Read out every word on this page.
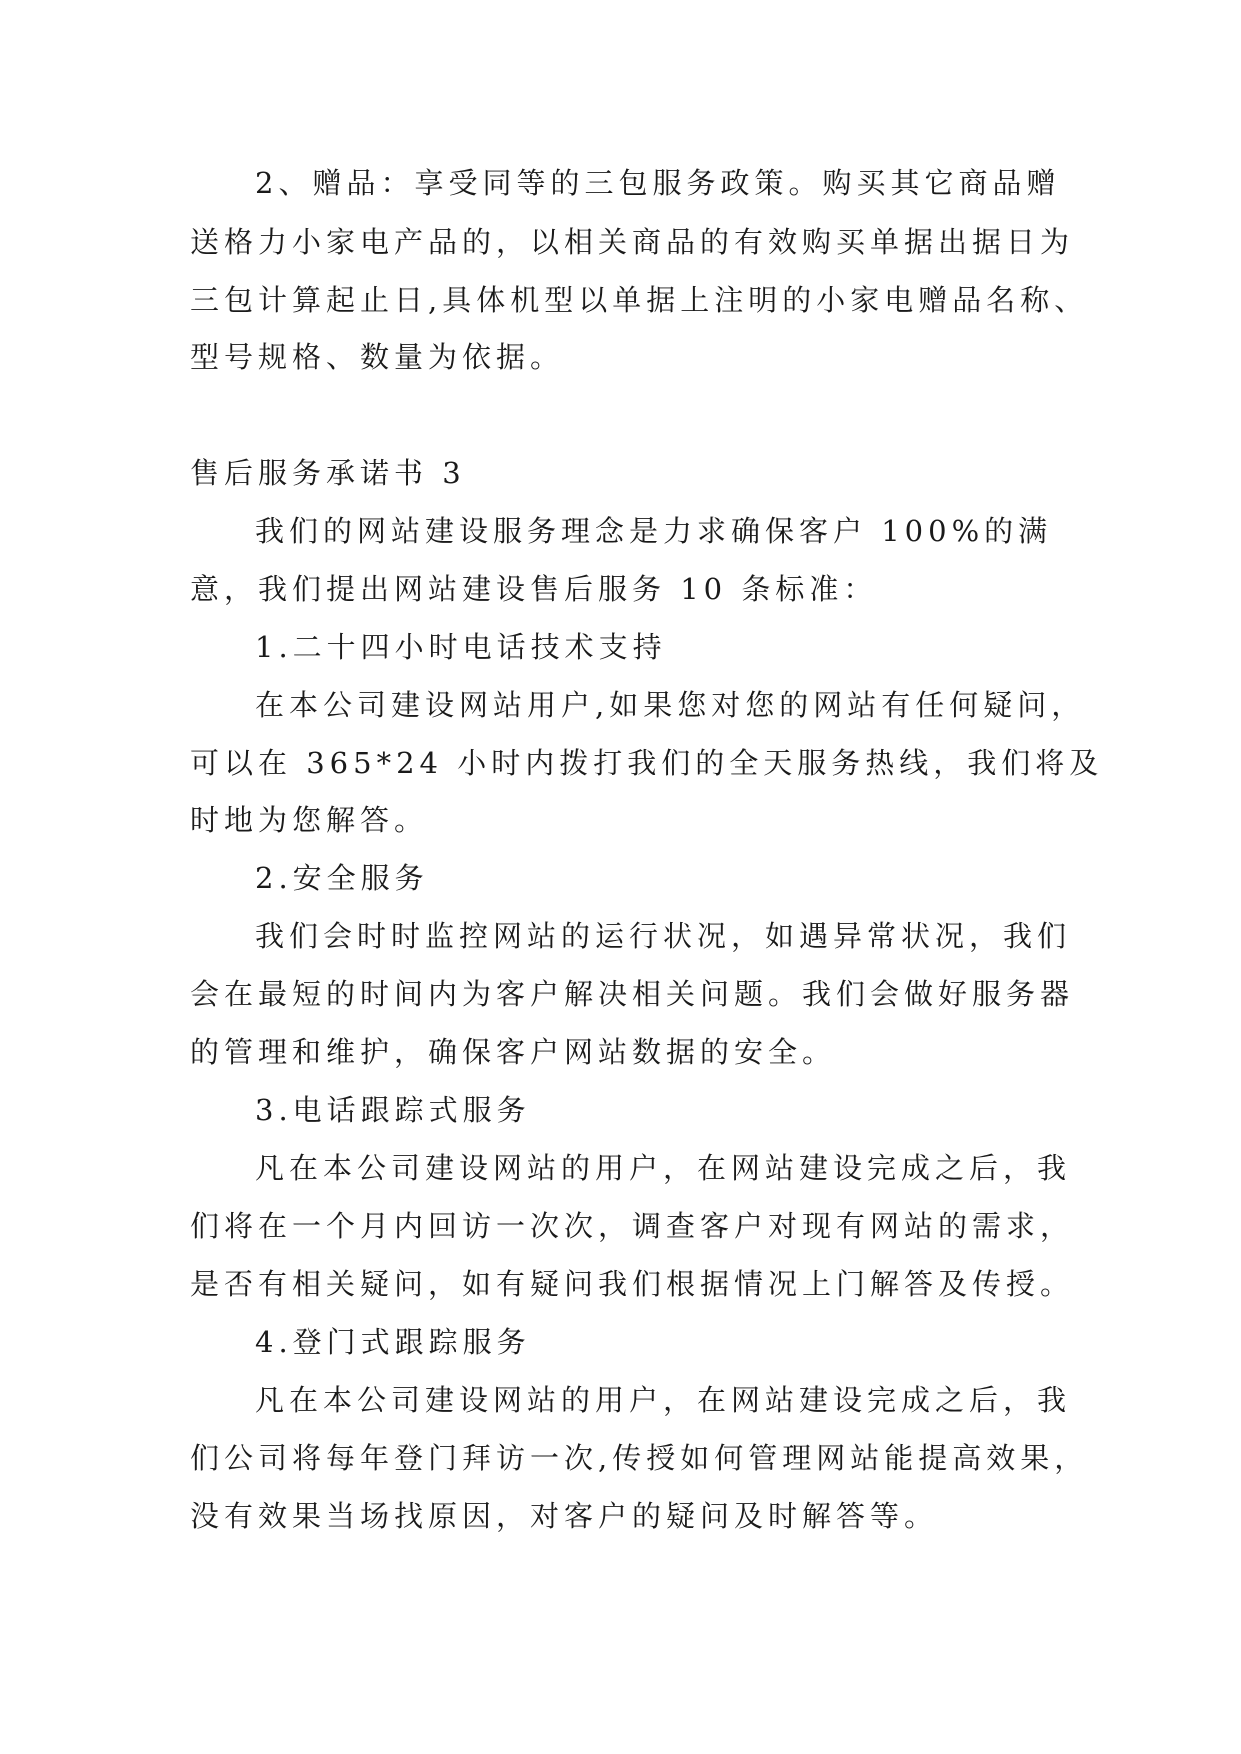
2、赠品：享受同等的三包服务政策。购买其它商品赠
送格力小家电产品的，以相关商品的有效购买单据出据日为
三包计算起止日,具体机型以单据上注明的小家电赠品名称、
型号规格、数量为依据。
售后服务承诺书 3
我们的网站建设服务理念是力求确保客户 100%的满
意，我们提出网站建设售后服务 10 条标准：
1.二十四小时电话技术支持
在本公司建设网站用户,如果您对您的网站有任何疑问，
可以在 365*24 小时内拨打我们的全天服务热线，我们将及
时地为您解答。
2.安全服务
我们会时时监控网站的运行状况，如遇异常状况，我们
会在最短的时间内为客户解决相关问题。我们会做好服务器
的管理和维护，确保客户网站数据的安全。
3.电话跟踪式服务
凡在本公司建设网站的用户，在网站建设完成之后，我
们将在一个月内回访一次次，调查客户对现有网站的需求，
是否有相关疑问，如有疑问我们根据情况上门解答及传授。
4.登门式跟踪服务
凡在本公司建设网站的用户，在网站建设完成之后，我
们公司将每年登门拜访一次,传授如何管理网站能提高效果，
没有效果当场找原因，对客户的疑问及时解答等。
